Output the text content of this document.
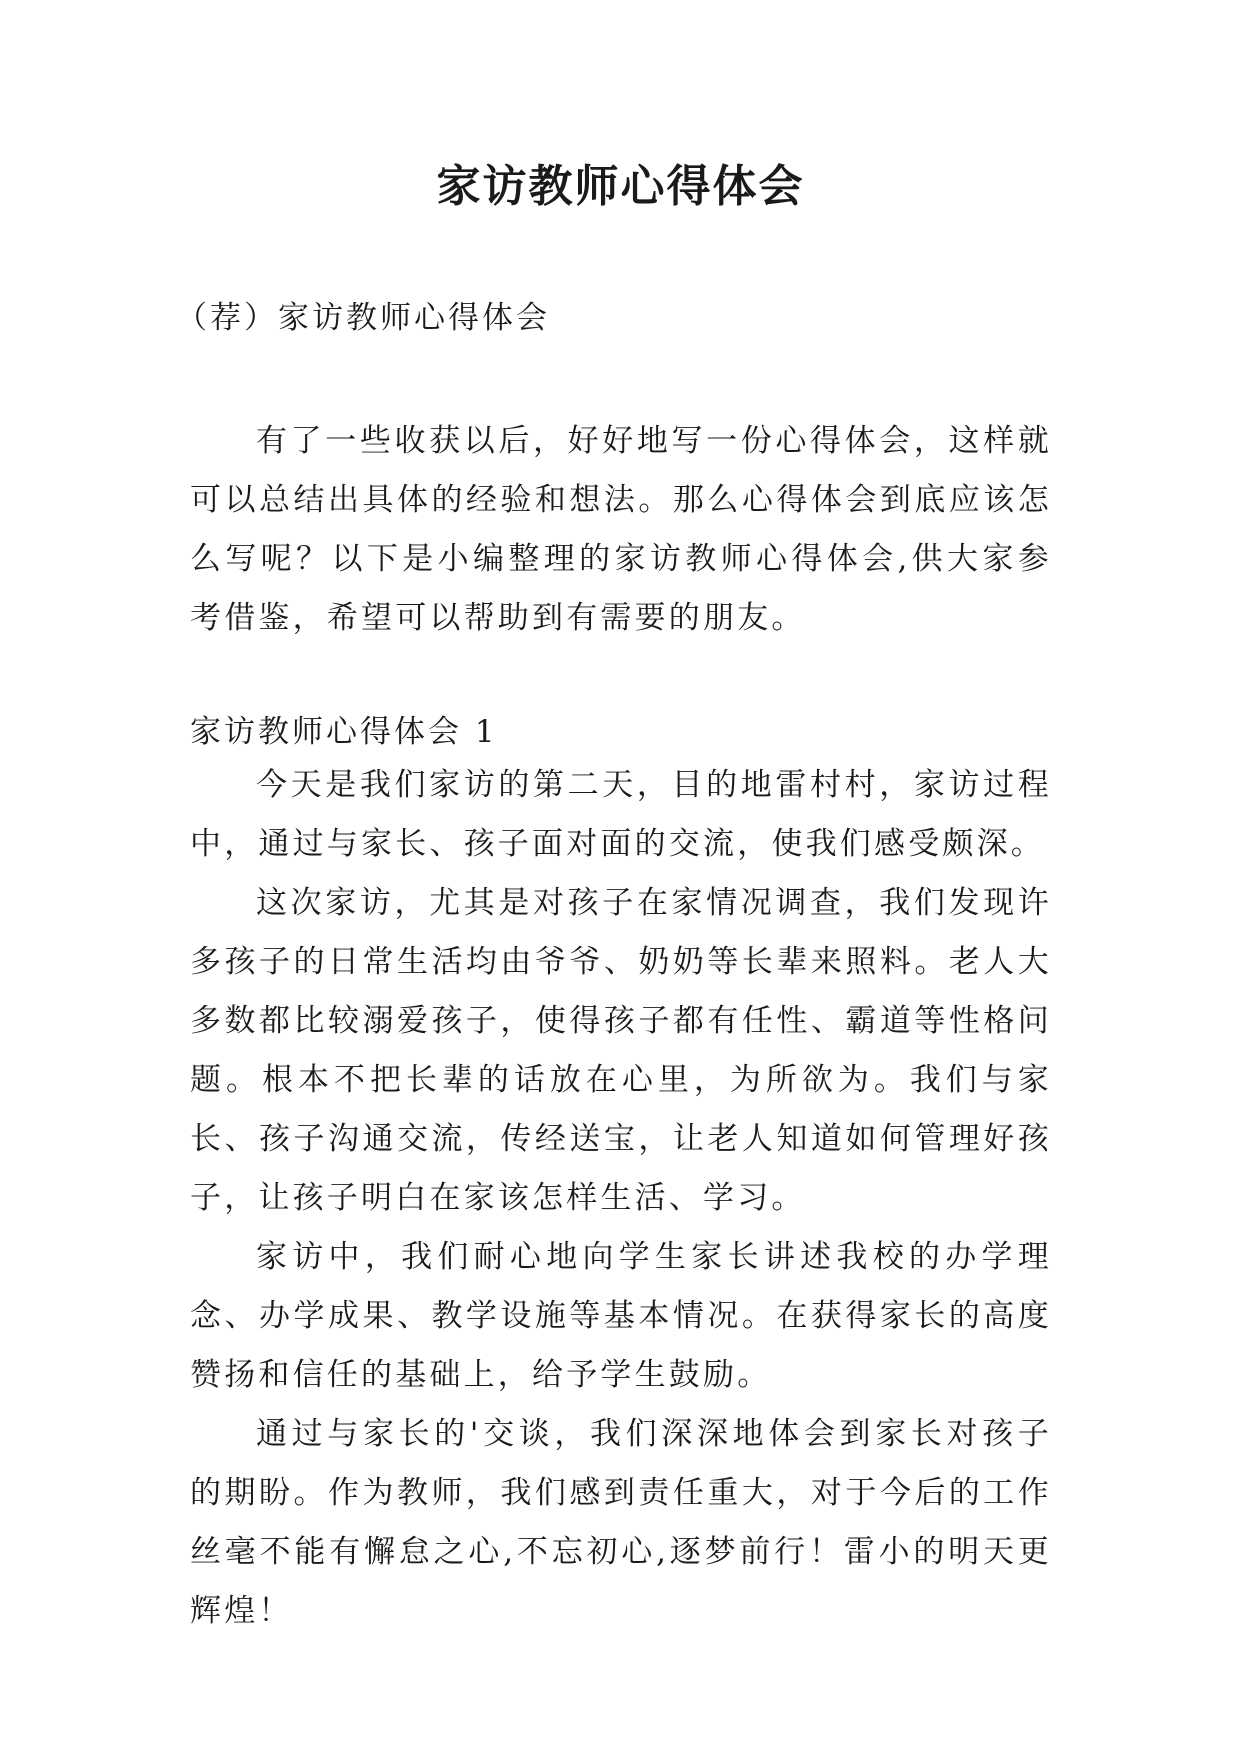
家访教师心得体会
（荐）家访教师心得体会
有了一些收获以后，好好地写一份心得体会，这样就可以总结出具体的经验和想法。那么心得体会到底应该怎么写呢？以下是小编整理的家访教师心得体会,供大家参考借鉴，希望可以帮助到有需要的朋友。
家访教师心得体会 1
今天是我们家访的第二天，目的地雷村村，家访过程中，通过与家长、孩子面对面的交流，使我们感受颇深。
这次家访，尤其是对孩子在家情况调查，我们发现许多孩子的日常生活均由爷爷、奶奶等长辈来照料。老人大多数都比较溺爱孩子，使得孩子都有任性、霸道等性格问题。根本不把长辈的话放在心里，为所欲为。我们与家长、孩子沟通交流，传经送宝，让老人知道如何管理好孩子，让孩子明白在家该怎样生活、学习。
家访中，我们耐心地向学生家长讲述我校的办学理念、办学成果、教学设施等基本情况。在获得家长的高度赞扬和信任的基础上，给予学生鼓励。
通过与家长的'交谈，我们深深地体会到家长对孩子的期盼。作为教师，我们感到责任重大，对于今后的工作丝毫不能有懈怠之心,不忘初心,逐梦前行！雷小的明天更辉煌！
